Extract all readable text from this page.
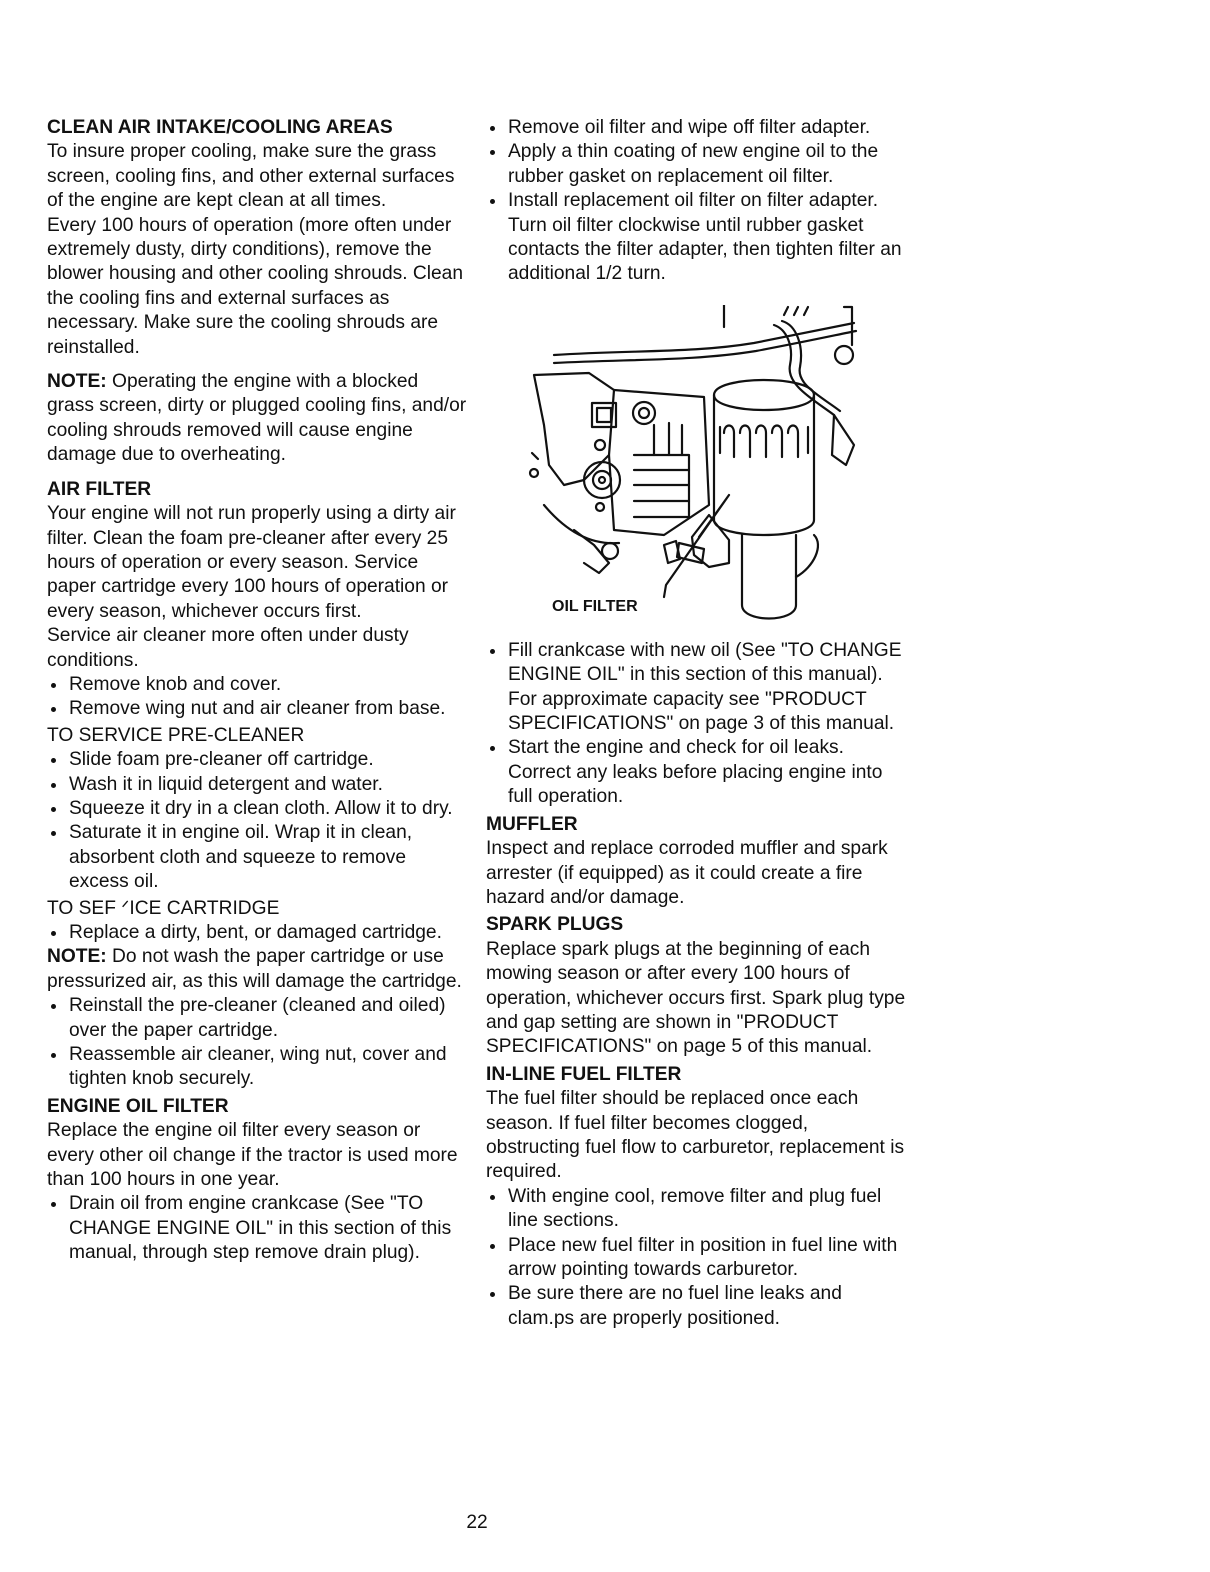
CLEAN AIR INTAKE/COOLING AREAS

To insure proper cooling, make sure the grass screen, cooling fins, and other external surfaces of the engine are kept clean at all times.

Every 100 hours of operation (more often under extremely dusty, dirty conditions), remove the blower housing and other cooling shrouds. Clean the cooling fins and external surfaces as necessary. Make sure the cooling shrouds are reinstalled.

NOTE: Operating the engine with a blocked grass screen, dirty or plugged cooling fins, and/or cooling shrouds removed will cause engine damage due to overheating.

AIR FILTER

Your engine will not run properly using a dirty air filter. Clean the foam pre-cleaner after every 25 hours of operation or every season. Service paper cartridge every 100 hours of operation or every season, whichever occurs first.

Service air cleaner more often under dusty conditions.

Remove knob and cover.
Remove wing nut and air cleaner from base.
TO SERVICE PRE-CLEANER
Slide foam pre-cleaner off cartridge.
Wash it in liquid detergent and water.
Squeeze it dry in a clean cloth. Allow it to dry.
Saturate it in engine oil. Wrap it in clean, absorbent cloth and squeeze to remove excess oil.
TO SEF ᐟICE CARTRIDGE
Replace a dirty, bent, or damaged cartridge.

NOTE: Do not wash the paper cartridge or use pressurized air, as this will damage the cartridge.

Reinstall the pre-cleaner (cleaned and oiled) over the paper cartridge.
Reassemble air cleaner, wing nut, cover and tighten knob securely.
ENGINE OIL FILTER

Replace the engine oil filter every season or every other oil change if the tractor is used more than 100 hours in one year.

Drain oil from engine crankcase (See "TO CHANGE ENGINE OIL" in this section of this manual, through step remove drain plug).
Remove oil filter and wipe off filter adapter.
Apply a thin coating of new engine oil to the rubber gasket on replacement oil filter.
Install replacement oil filter on filter adapter. Turn oil filter clockwise until rubber gasket contacts the filter adapter, then tighten filter an additional 1/2 turn.
OIL FILTER
Fill crankcase with new oil (See "TO CHANGE ENGINE OIL" in this section of this manual). For approximate capacity see "PRODUCT SPECIFICATIONS" on page 3 of this manual.
Start the engine and check for oil leaks. Correct any leaks before placing engine into full operation.
MUFFLER

Inspect and replace corroded muffler and spark arrester (if equipped) as it could create a fire hazard and/or damage.

SPARK PLUGS

Replace spark plugs at the beginning of each mowing season or after every 100 hours of operation, whichever occurs first. Spark plug type and gap setting are shown in "PRODUCT SPECIFICATIONS" on page 5 of this manual.

IN-LINE FUEL FILTER

The fuel filter should be replaced once each season. If fuel filter becomes clogged, obstructing fuel flow to carburetor, replacement is required.

With engine cool, remove filter and plug fuel line sections.
Place new fuel filter in position in fuel line with arrow pointing towards carburetor.
Be sure there are no fuel line leaks and clam.ps are properly positioned.
22
